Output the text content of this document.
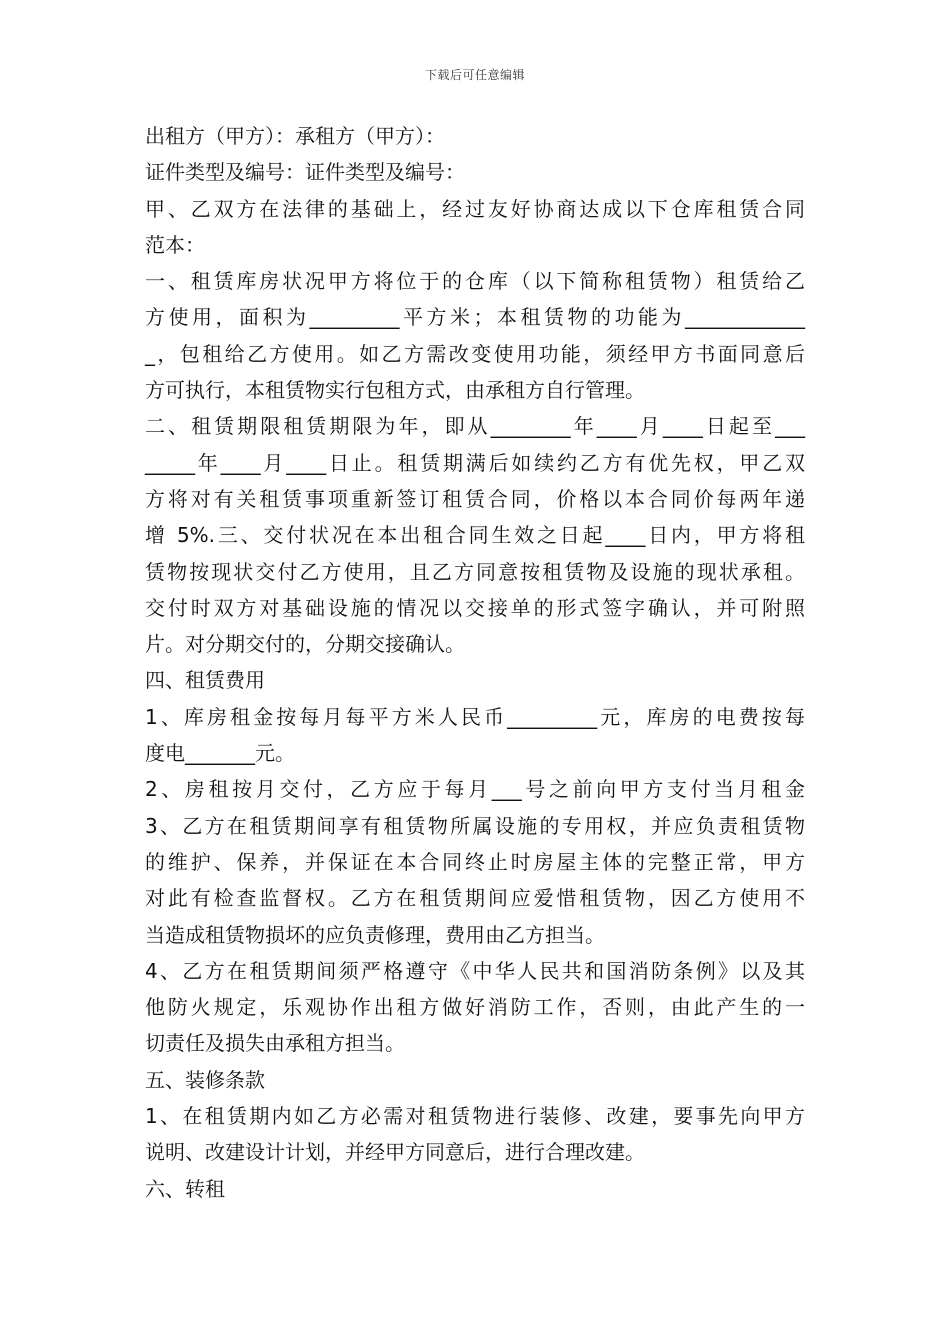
下载后可任意编辑
出租方（甲方）：承租方（甲方）：
证件类型及编号：证件类型及编号：
甲、乙双方在法律的基础上，经过友好协商达成以下仓库租赁合同
范本：
一、租赁库房状况甲方将位于的仓库（以下简称租赁物）租赁给乙
方使用，面积为_________平方米；本租赁物的功能为____________
_，包租给乙方使用。如乙方需改变使用功能，须经甲方书面同意后
方可执行，本租赁物实行包租方式，由承租方自行管理。
二、租赁期限租赁期限为年，即从________年____月____日起至___
_____年____月____日止。租赁期满后如续约乙方有优先权，甲乙双
方将对有关租赁事项重新签订租赁合同，价格以本合同价每两年递
增 5%.三、交付状况在本出租合同生效之日起____日内，甲方将租
赁物按现状交付乙方使用，且乙方同意按租赁物及设施的现状承租。
交付时双方对基础设施的情况以交接单的形式签字确认，并可附照
片。对分期交付的，分期交接确认。
四、租赁费用
1、库房租金按每月每平方米人民币_________元，库房的电费按每
度电_______元。
2、房租按月交付，乙方应于每月___号之前向甲方支付当月租金
3、乙方在租赁期间享有租赁物所属设施的专用权，并应负责租赁物
的维护、保养，并保证在本合同终止时房屋主体的完整正常，甲方
对此有检查监督权。乙方在租赁期间应爱惜租赁物，因乙方使用不
当造成租赁物损坏的应负责修理，费用由乙方担当。
4、乙方在租赁期间须严格遵守《中华人民共和国消防条例》以及其
他防火规定，乐观协作出租方做好消防工作，否则，由此产生的一
切责任及损失由承租方担当。
五、装修条款
1、在租赁期内如乙方必需对租赁物进行装修、改建，要事先向甲方
说明、改建设计计划，并经甲方同意后，进行合理改建。
六、转租
